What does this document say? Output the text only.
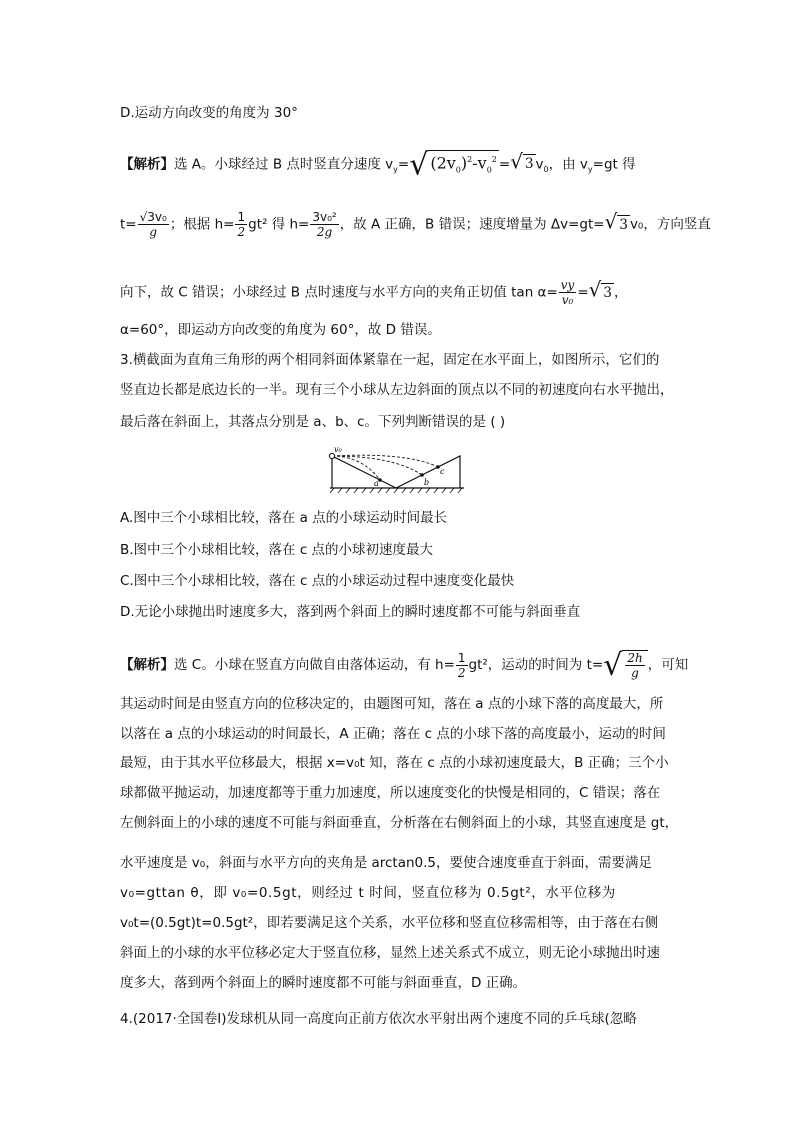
D.运动方向改变的角度为 30°
【解析】选 A。小球经过 B 点时竖直分速度 $v_y=√$ $(2v_0)^2-v_0^2$ =√ 3 $v_0$，由 $v_y=gt$ 得
$t= \frac{\text{√3v₀}}{g}$ ；根据 $h= \frac{1}{2} gt^2$ 得 $h= \frac{\text{3v₀²}}{2g}$ ，故 A 正确，B 错误；速度增量为 Δv=gt=√ 3 v₀，方向竖直
向下，故 C 错误；小球经过 B 点时速度与水平方向的夹角正切值 $\tan \alpha= \frac{vy}{\text{v₀}}$ =√ 3 ，
α=60°，即运动方向改变的角度为 60°，故 D 错误。
3.横截面为直角三角形的两个相同斜面体紧靠在一起，固定在水平面上，如图所示，它们的
竖直边长都是底边长的一半。现有三个小球从左边斜面的顶点以不同的初速度向右水平抛出，
最后落在斜面上，其落点分别是 a、b、c。下列判断错误的是 ( )
v₀
a	b
c
A.图中三个小球相比较，落在 a 点的小球运动时间最长
B.图中三个小球相比较，落在 c 点的小球初速度最大
C.图中三个小球相比较，落在 c 点的小球运动过程中速度变化最快
D.无论小球抛出时速度多大，落到两个斜面上的瞬时速度都不可能与斜面垂直
【解析】选 C。小球在竖直方向做自由落体运动，有 $h= \frac{1}{2} gt^2$，运动的时间为 $t=√ \frac{2h}{g}$ ，可知
其运动时间是由竖直方向的位移决定的，由题图可知，落在 a 点的小球下落的高度最大，所
以落在 a 点的小球运动的时间最长，A 正确；落在 c 点的小球下落的高度最小，运动的时间
最短，由于其水平位移最大，根据 x=v₀t 知，落在 c 点的小球初速度最大，B 正确；三个小
球都做平抛运动，加速度都等于重力加速度，所以速度变化的快慢是相同的，C 错误；落在
左侧斜面上的小球的速度不可能与斜面垂直，分析落在右侧斜面上的小球，其竖直速度是 gt，
水平速度是 v₀，斜面与水平方向的夹角是 arctan0.5，要使合速度垂直于斜面，需要满足
v₀=gttan θ，即 v₀=0.5gt，则经过 t 时间，竖直位移为 0.5gt²，水平位移为
v₀t=(0.5gt)t=0.5gt²，即若要满足这个关系，水平位移和竖直位移需相等，由于落在右侧
斜面上的小球的水平位移必定大于竖直位移，显然上述关系式不成立，则无论小球抛出时速
度多大，落到两个斜面上的瞬时速度都不可能与斜面垂直，D 正确。
4.(2017·全国卷Ⅰ)发球机从同一高度向正前方依次水平射出两个速度不同的乒乓球(忽略
